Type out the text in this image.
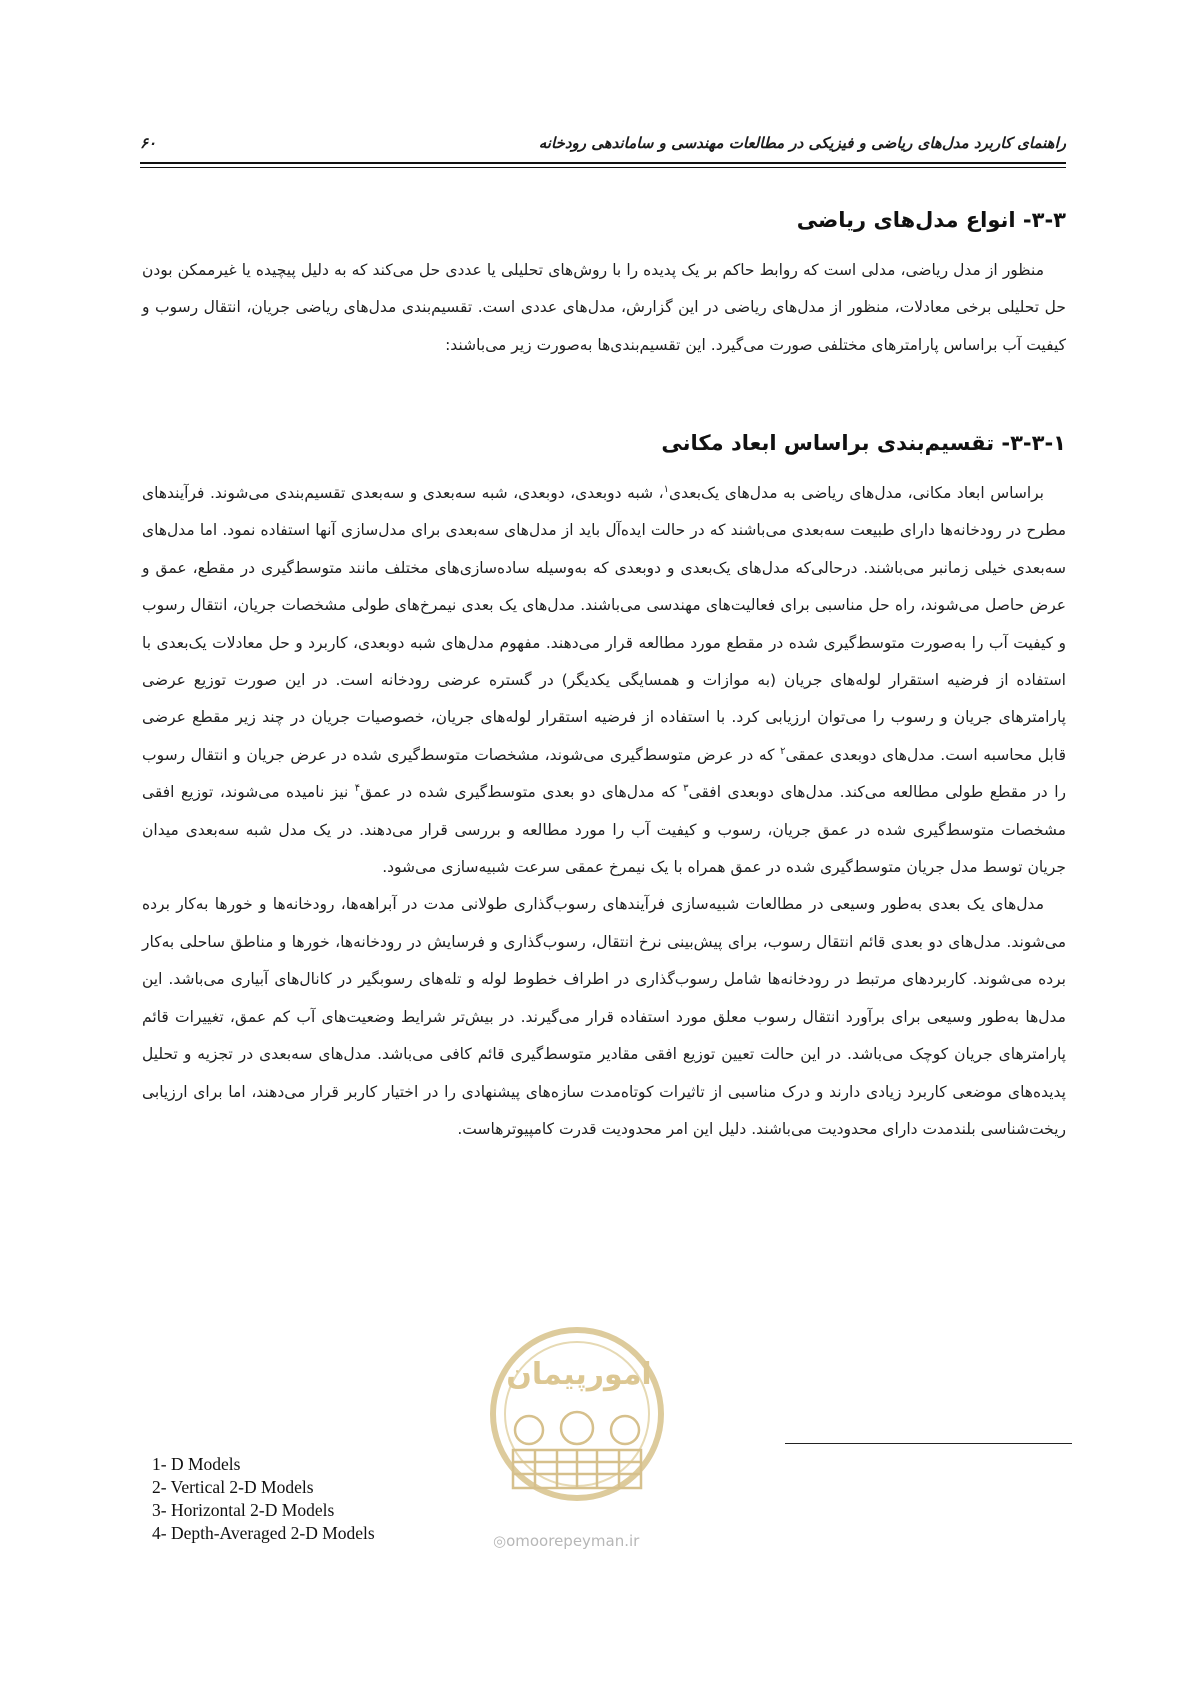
۶۰	راهنمای کاربرد مدل‌های ریاضی و فیزیکی در مطالعات مهندسی و ساماندهی رودخانه
۳-۳- انواع مدل‌های ریاضی

منظور از مدل ریاضی، مدلی است که روابط حاکم بر یک پدیده را با روش‌های تحلیلی یا عددی حل می‌کند که به دلیل پیچیده یا غیرممکن بودن حل تحلیلی برخی معادلات، منظور از مدل‌های ریاضی در این گزارش، مدل‌های عددی است. تقسیم‌بندی مدل‌های ریاضی جریان، انتقال رسوب و کیفیت آب براساس پارامترهای مختلفی صورت می‌گیرد. این تقسیم‌بندی‌ها به‌صورت زیر می‌باشند:

۳-۳-۱- تقسیم‌بندی براساس ابعاد مکانی

براساس ابعاد مکانی، مدل‌های ریاضی به مدل‌های یک‌بعدی$^۱$، شبه دوبعدی، دوبعدی، شبه سه‌بعدی و سه‌بعدی تقسیم‌بندی می‌شوند. فرآیندهای مطرح در رودخانه‌ها دارای طبیعت سه‌بعدی می‌باشند که در حالت ایده‌آل باید از مدل‌های سه‌بعدی برای مدل‌سازی آنها استفاده نمود. اما مدل‌های سه‌بعدی خیلی زمانبر می‌باشند. درحالی‌که مدل‌های یک‌بعدی و دوبعدی که به‌وسیله ساده‌سازی‌های مختلف مانند متوسط‌گیری در مقطع، عمق و عرض حاصل می‌شوند، راه حل مناسبی برای فعالیت‌های مهندسی می‌باشند. مدل‌های یک بعدی نیمرخ‌های طولی مشخصات جریان، انتقال رسوب و کیفیت آب را به‌صورت متوسط‌گیری شده در مقطع مورد مطالعه قرار می‌دهند. مفهوم مدل‌های شبه دوبعدی، کاربرد و حل معادلات یک‌بعدی با استفاده از فرضیه استقرار لوله‌های جریان (به موازات و همسایگی یکدیگر) در گستره عرضی رودخانه است. در این صورت توزیع عرضی پارامترهای جریان و رسوب را می‌توان ارزیابی کرد. با استفاده از فرضیه استقرار لوله‌های جریان، خصوصیات جریان در چند زیر مقطع عرضی قابل محاسبه است. مدل‌های دوبعدی عمقی$^۲$ که در عرض متوسط‌گیری می‌شوند، مشخصات متوسط‌گیری شده در عرض جریان و انتقال رسوب را در مقطع طولی مطالعه می‌کند. مدل‌های دوبعدی افقی$^۳$ که مدل‌های دو بعدی متوسط‌گیری شده در عمق$^۴$ نیز نامیده می‌شوند، توزیع افقی مشخصات متوسط‌گیری شده در عمق جریان، رسوب و کیفیت آب را مورد مطالعه و بررسی قرار می‌دهند. در یک مدل شبه سه‌بعدی میدان جریان توسط مدل جریان متوسط‌گیری شده در عمق همراه با یک نیمرخ عمقی سرعت شبیه‌سازی می‌شود.

مدل‌های یک بعدی به‌طور وسیعی در مطالعات شبیه‌سازی فرآیندهای رسوب‌گذاری طولانی مدت در آبراهه‌ها، رودخانه‌ها و خورها به‌کار برده می‌شوند. مدل‌های دو بعدی قائم انتقال رسوب، برای پیش‌بینی نرخ انتقال، رسوب‌گذاری و فرسایش در رودخانه‌ها، خورها و مناطق ساحلی به‌کار برده می‌شوند. کاربردهای مرتبط در رودخانه‌ها شامل رسوب‌گذاری در اطراف خطوط لوله و تله‌های رسوبگیر در کانال‌های آبیاری می‌باشد. این مدل‌ها به‌طور وسیعی برای برآورد انتقال رسوب معلق مورد استفاده قرار می‌گیرند. در بیش‌تر شرایط وضعیت‌های آب کم عمق، تغییرات قائم پارامترهای جریان کوچک می‌باشد. در این حالت تعیین توزیع افقی مقادیر متوسط‌گیری قائم کافی می‌باشد. مدل‌های سه‌بعدی در تجزیه و تحلیل پدیده‌های موضعی کاربرد زیادی دارند و درک مناسبی از تاثیرات کوتاه‌مدت سازه‌های پیشنهادی را در اختیار کاربر قرار می‌دهند، اما برای ارزیابی ریخت‌شناسی بلندمدت دارای محدودیت می‌باشند. دلیل این امر محدودیت قدرت کامپیوترهاست.

امورپیمان
◎omoorepeyman.ir
1- D Models
2- Vertical 2-D Models
3- Horizontal 2-D Models
4- Depth-Averaged 2-D Models
